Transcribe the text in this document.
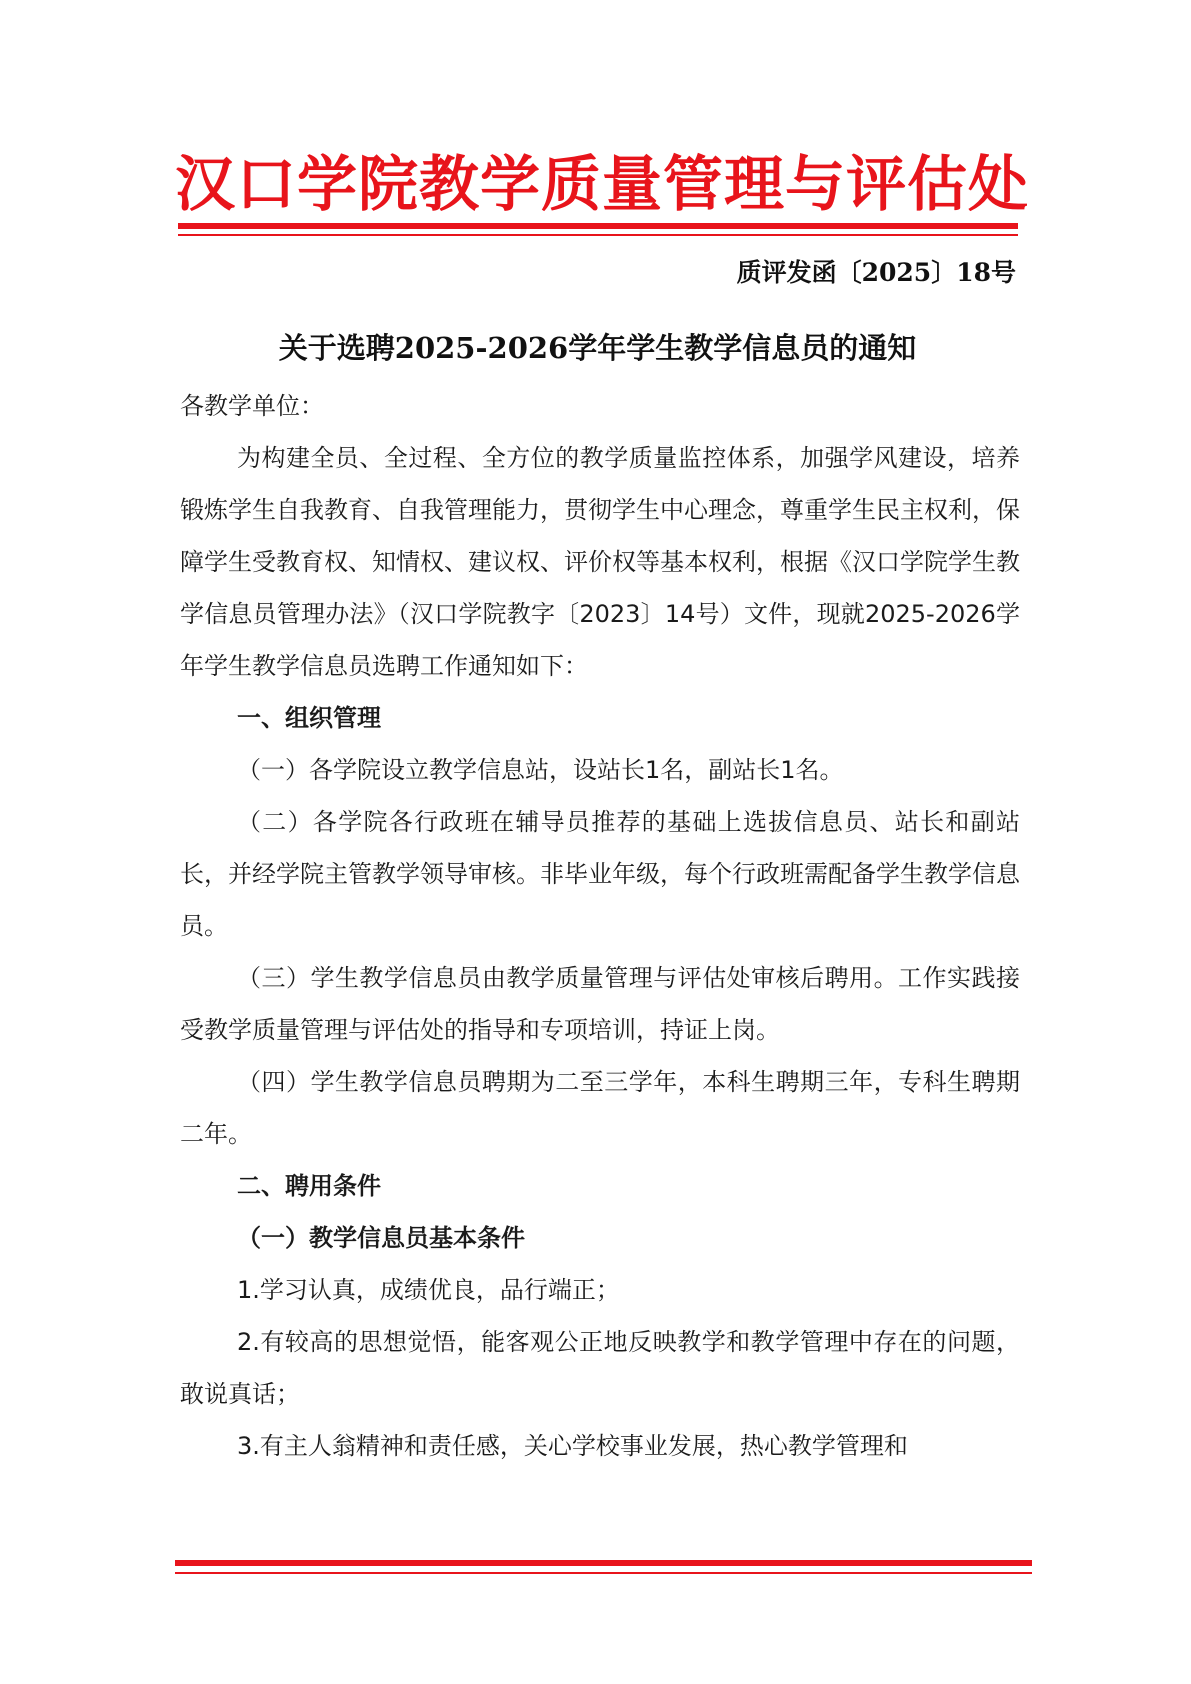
汉口学院教学质量管理与评估处
质评发函〔2025〕18号
关于选聘2025-2026学年学生教学信息员的通知

各教学单位：

为构建全员、全过程、全方位的教学质量监控体系，加强学风建设，培养锻炼学生自我教育、自我管理能力，贯彻学生中心理念，尊重学生民主权利，保障学生受教育权、知情权、建议权、评价权等基本权利，根据《汉口学院学生教学信息员管理办法》（汉口学院教字〔2023〕14号）文件，现就2025-2026学年学生教学信息员选聘工作通知如下：

一、组织管理

（一）各学院设立教学信息站，设站长1名，副站长1名。

（二）各学院各行政班在辅导员推荐的基础上选拔信息员、站长和副站长，并经学院主管教学领导审核。非毕业年级，每个行政班需配备学生教学信息员。

（三）学生教学信息员由教学质量管理与评估处审核后聘用。工作实践接受教学质量管理与评估处的指导和专项培训，持证上岗。

（四）学生教学信息员聘期为二至三学年，本科生聘期三年，专科生聘期二年。

二、聘用条件

（一）教学信息员基本条件

1.学习认真，成绩优良，品行端正；

2.有较高的思想觉悟，能客观公正地反映教学和教学管理中存在的问题，敢说真话；

3.有主人翁精神和责任感，关心学校事业发展，热心教学管理和
